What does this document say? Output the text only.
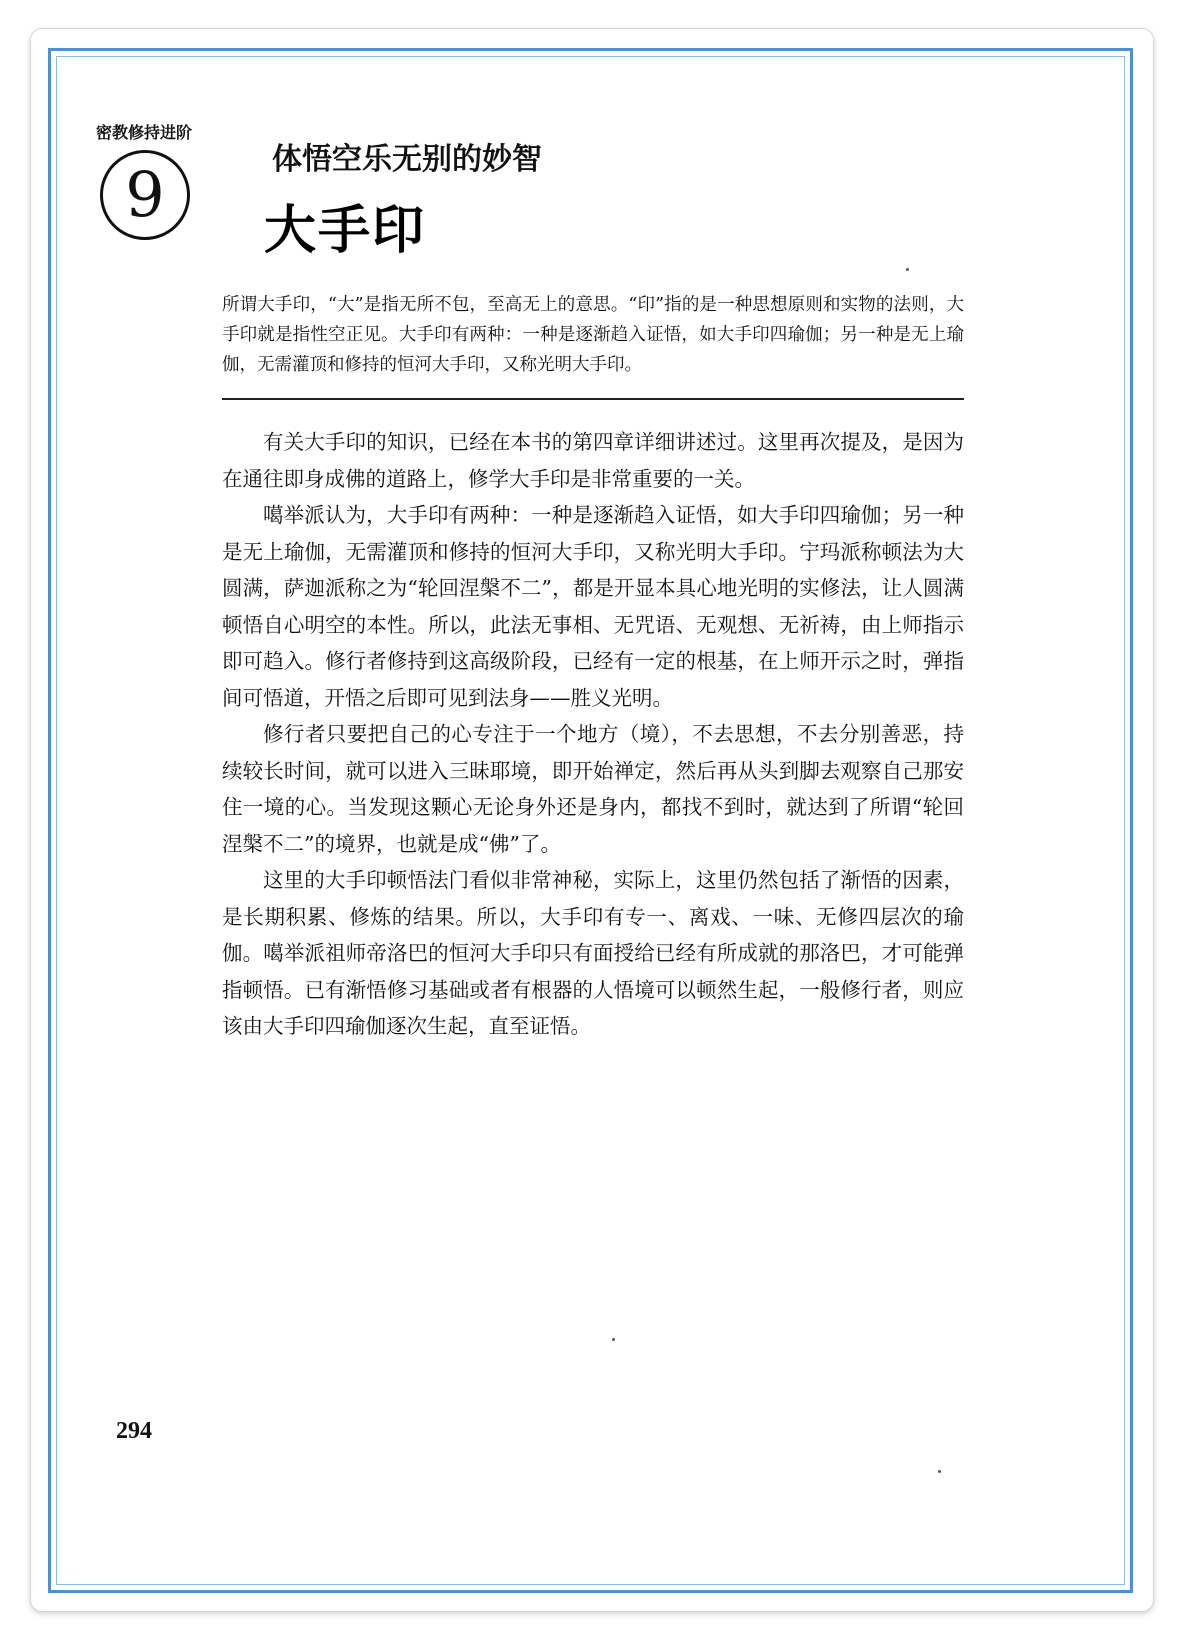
密教修持进阶
9	体悟空乐无别的妙智
大手印
所谓大手印，“大”是指无所不包，至高无上的意思。“印”指的是一种思想原则和实物的法则，大手印就是指性空正见。大手印有两种：一种是逐渐趋入证悟，如大手印四瑜伽；另一种是无上瑜伽，无需灌顶和修持的恒河大手印，又称光明大手印。

有关大手印的知识，已经在本书的第四章详细讲述过。这里再次提及，是因为在通往即身成佛的道路上，修学大手印是非常重要的一关。

噶举派认为，大手印有两种：一种是逐渐趋入证悟，如大手印四瑜伽；另一种是无上瑜伽，无需灌顶和修持的恒河大手印，又称光明大手印。宁玛派称顿法为大圆满，萨迦派称之为“轮回涅槃不二”，都是开显本具心地光明的实修法，让人圆满顿悟自心明空的本性。所以，此法无事相、无咒语、无观想、无祈祷，由上师指示即可趋入。修行者修持到这高级阶段，已经有一定的根基，在上师开示之时，弹指间可悟道，开悟之后即可见到法身——胜义光明。

修行者只要把自己的心专注于一个地方（境），不去思想，不去分别善恶，持续较长时间，就可以进入三昧耶境，即开始禅定，然后再从头到脚去观察自己那安住一境的心。当发现这颗心无论身外还是身内，都找不到时，就达到了所谓“轮回涅槃不二”的境界，也就是成“佛”了。

这里的大手印顿悟法门看似非常神秘，实际上，这里仍然包括了渐悟的因素，是长期积累、修炼的结果。所以，大手印有专一、离戏、一味、无修四层次的瑜伽。噶举派祖师帝洛巴的恒河大手印只有面授给已经有所成就的那洛巴，才可能弹指顿悟。已有渐悟修习基础或者有根器的人悟境可以顿然生起，一般修行者，则应该由大手印四瑜伽逐次生起，直至证悟。

294
